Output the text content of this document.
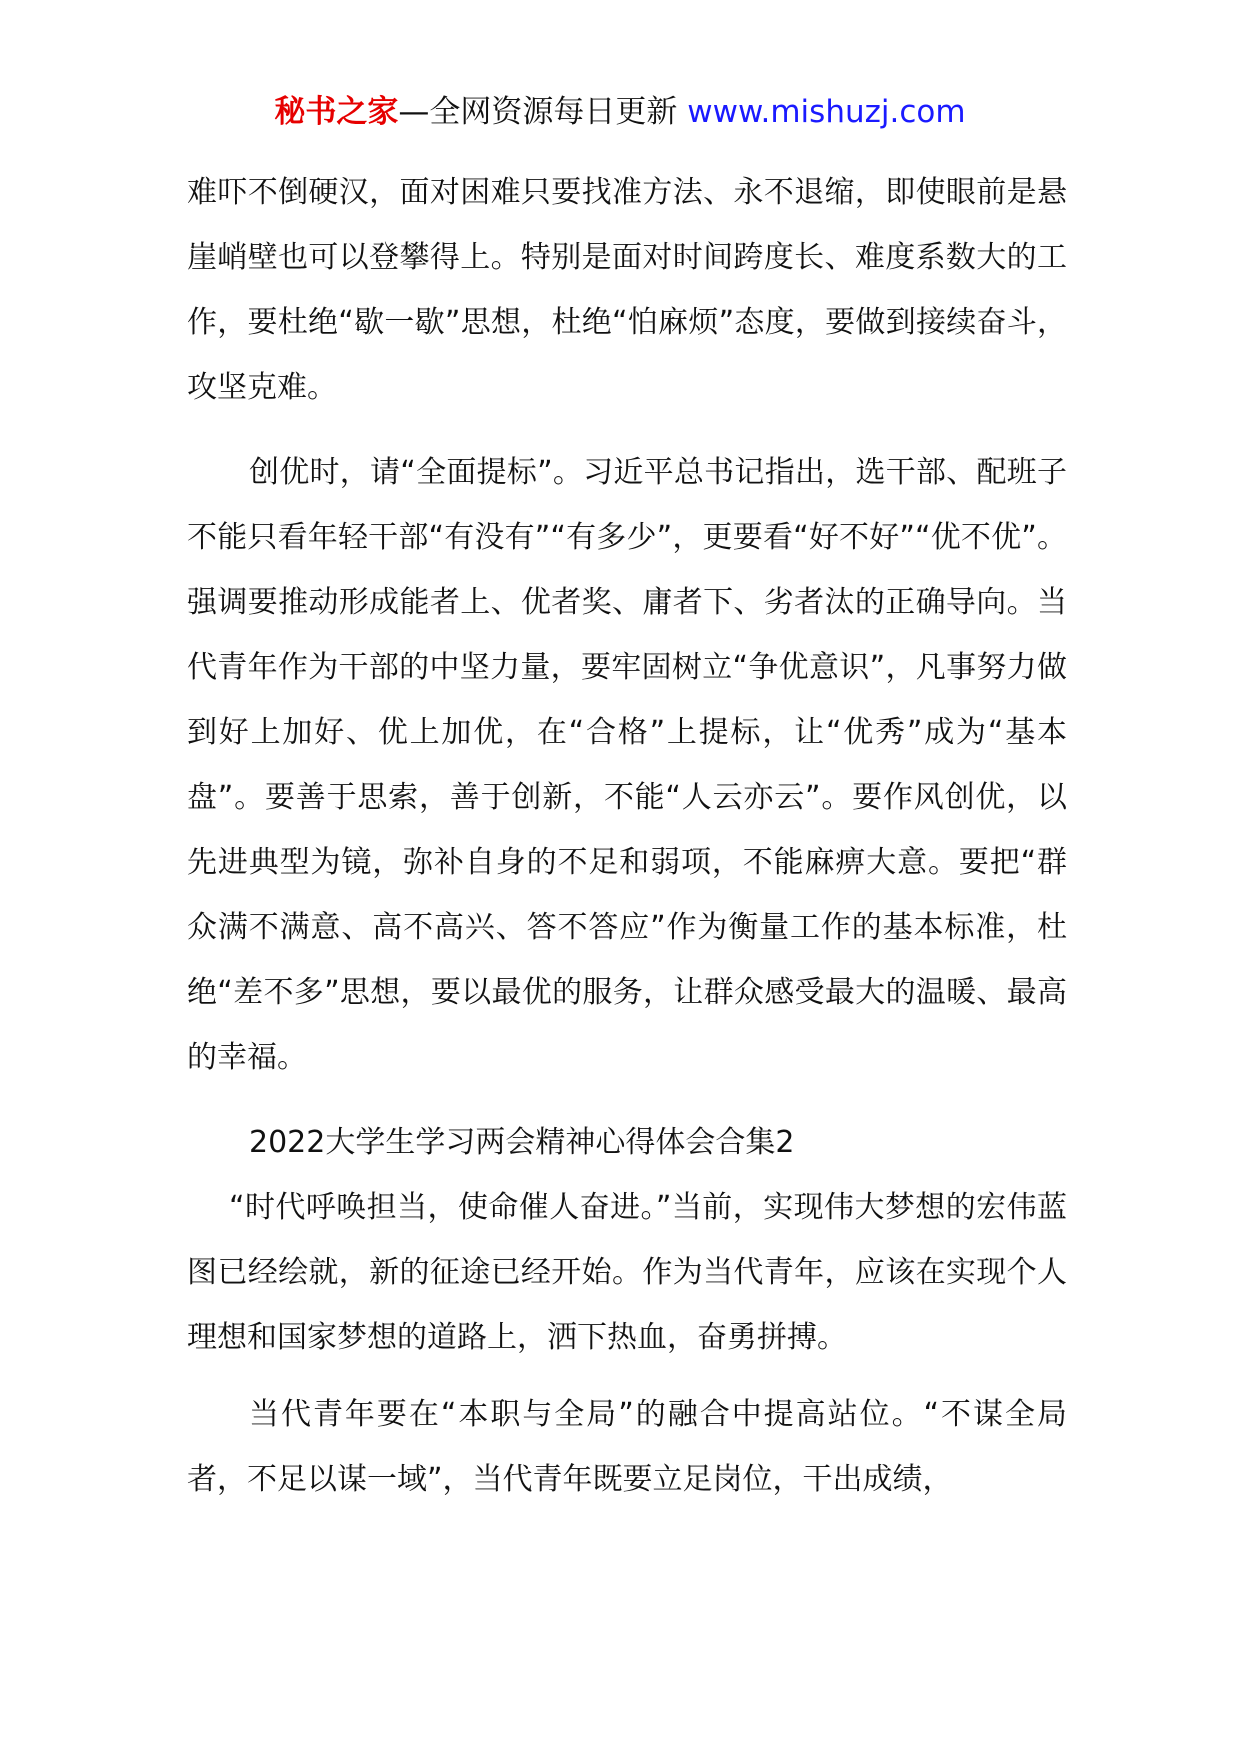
秘书之家—全网资源每日更新 www.mishuzj.com

难吓不倒硬汉，面对困难只要找准方法、永不退缩，即使眼前是悬崖峭壁也可以登攀得上。特别是面对时间跨度长、难度系数大的工作，要杜绝“歇一歇”思想，杜绝“怕麻烦”态度，要做到接续奋斗，攻坚克难。

创优时，请“全面提标”。习近平总书记指出，选干部、配班子不能只看年轻干部“有没有”“有多少”，更要看“好不好”“优不优”。强调要推动形成能者上、优者奖、庸者下、劣者汰的正确导向。当代青年作为干部的中坚力量，要牢固树立“争优意识”，凡事努力做到好上加好、优上加优，在“合格”上提标，让“优秀”成为“基本盘”。要善于思索，善于创新，不能“人云亦云”。要作风创优，以先进典型为镜，弥补自身的不足和弱项，不能麻痹大意。要把“群众满不满意、高不高兴、答不答应”作为衡量工作的基本标准，杜绝“差不多”思想，要以最优的服务，让群众感受最大的温暖、最高的幸福。

2022大学生学习两会精神心得体会合集2

“时代呼唤担当，使命催人奋进。”当前，实现伟大梦想的宏伟蓝图已经绘就，新的征途已经开始。作为当代青年，应该在实现个人理想和国家梦想的道路上，洒下热血，奋勇拼搏。

当代青年要在“本职与全局”的融合中提高站位。“不谋全局者，不足以谋一域”，当代青年既要立足岗位，干出成绩，
